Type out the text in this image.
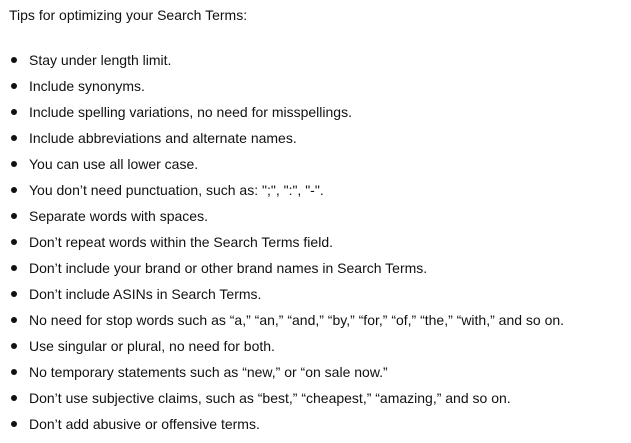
Tips for optimizing your Search Terms:

Stay under length limit.
Include synonyms.
Include spelling variations, no need for misspellings.
Include abbreviations and alternate names.
You can use all lower case.
You don’t need punctuation, such as: ";", ":", "-".
Separate words with spaces.
Don’t repeat words within the Search Terms field.
Don’t include your brand or other brand names in Search Terms.
Don’t include ASINs in Search Terms.
No need for stop words such as “a,” “an,” “and,” “by,” “for,” “of,” “the,” “with,” and so on.
Use singular or plural, no need for both.
No temporary statements such as “new,” or “on sale now.”
Don’t use subjective claims, such as “best,” “cheapest,” “amazing,” and so on.
Don’t add abusive or offensive terms.
